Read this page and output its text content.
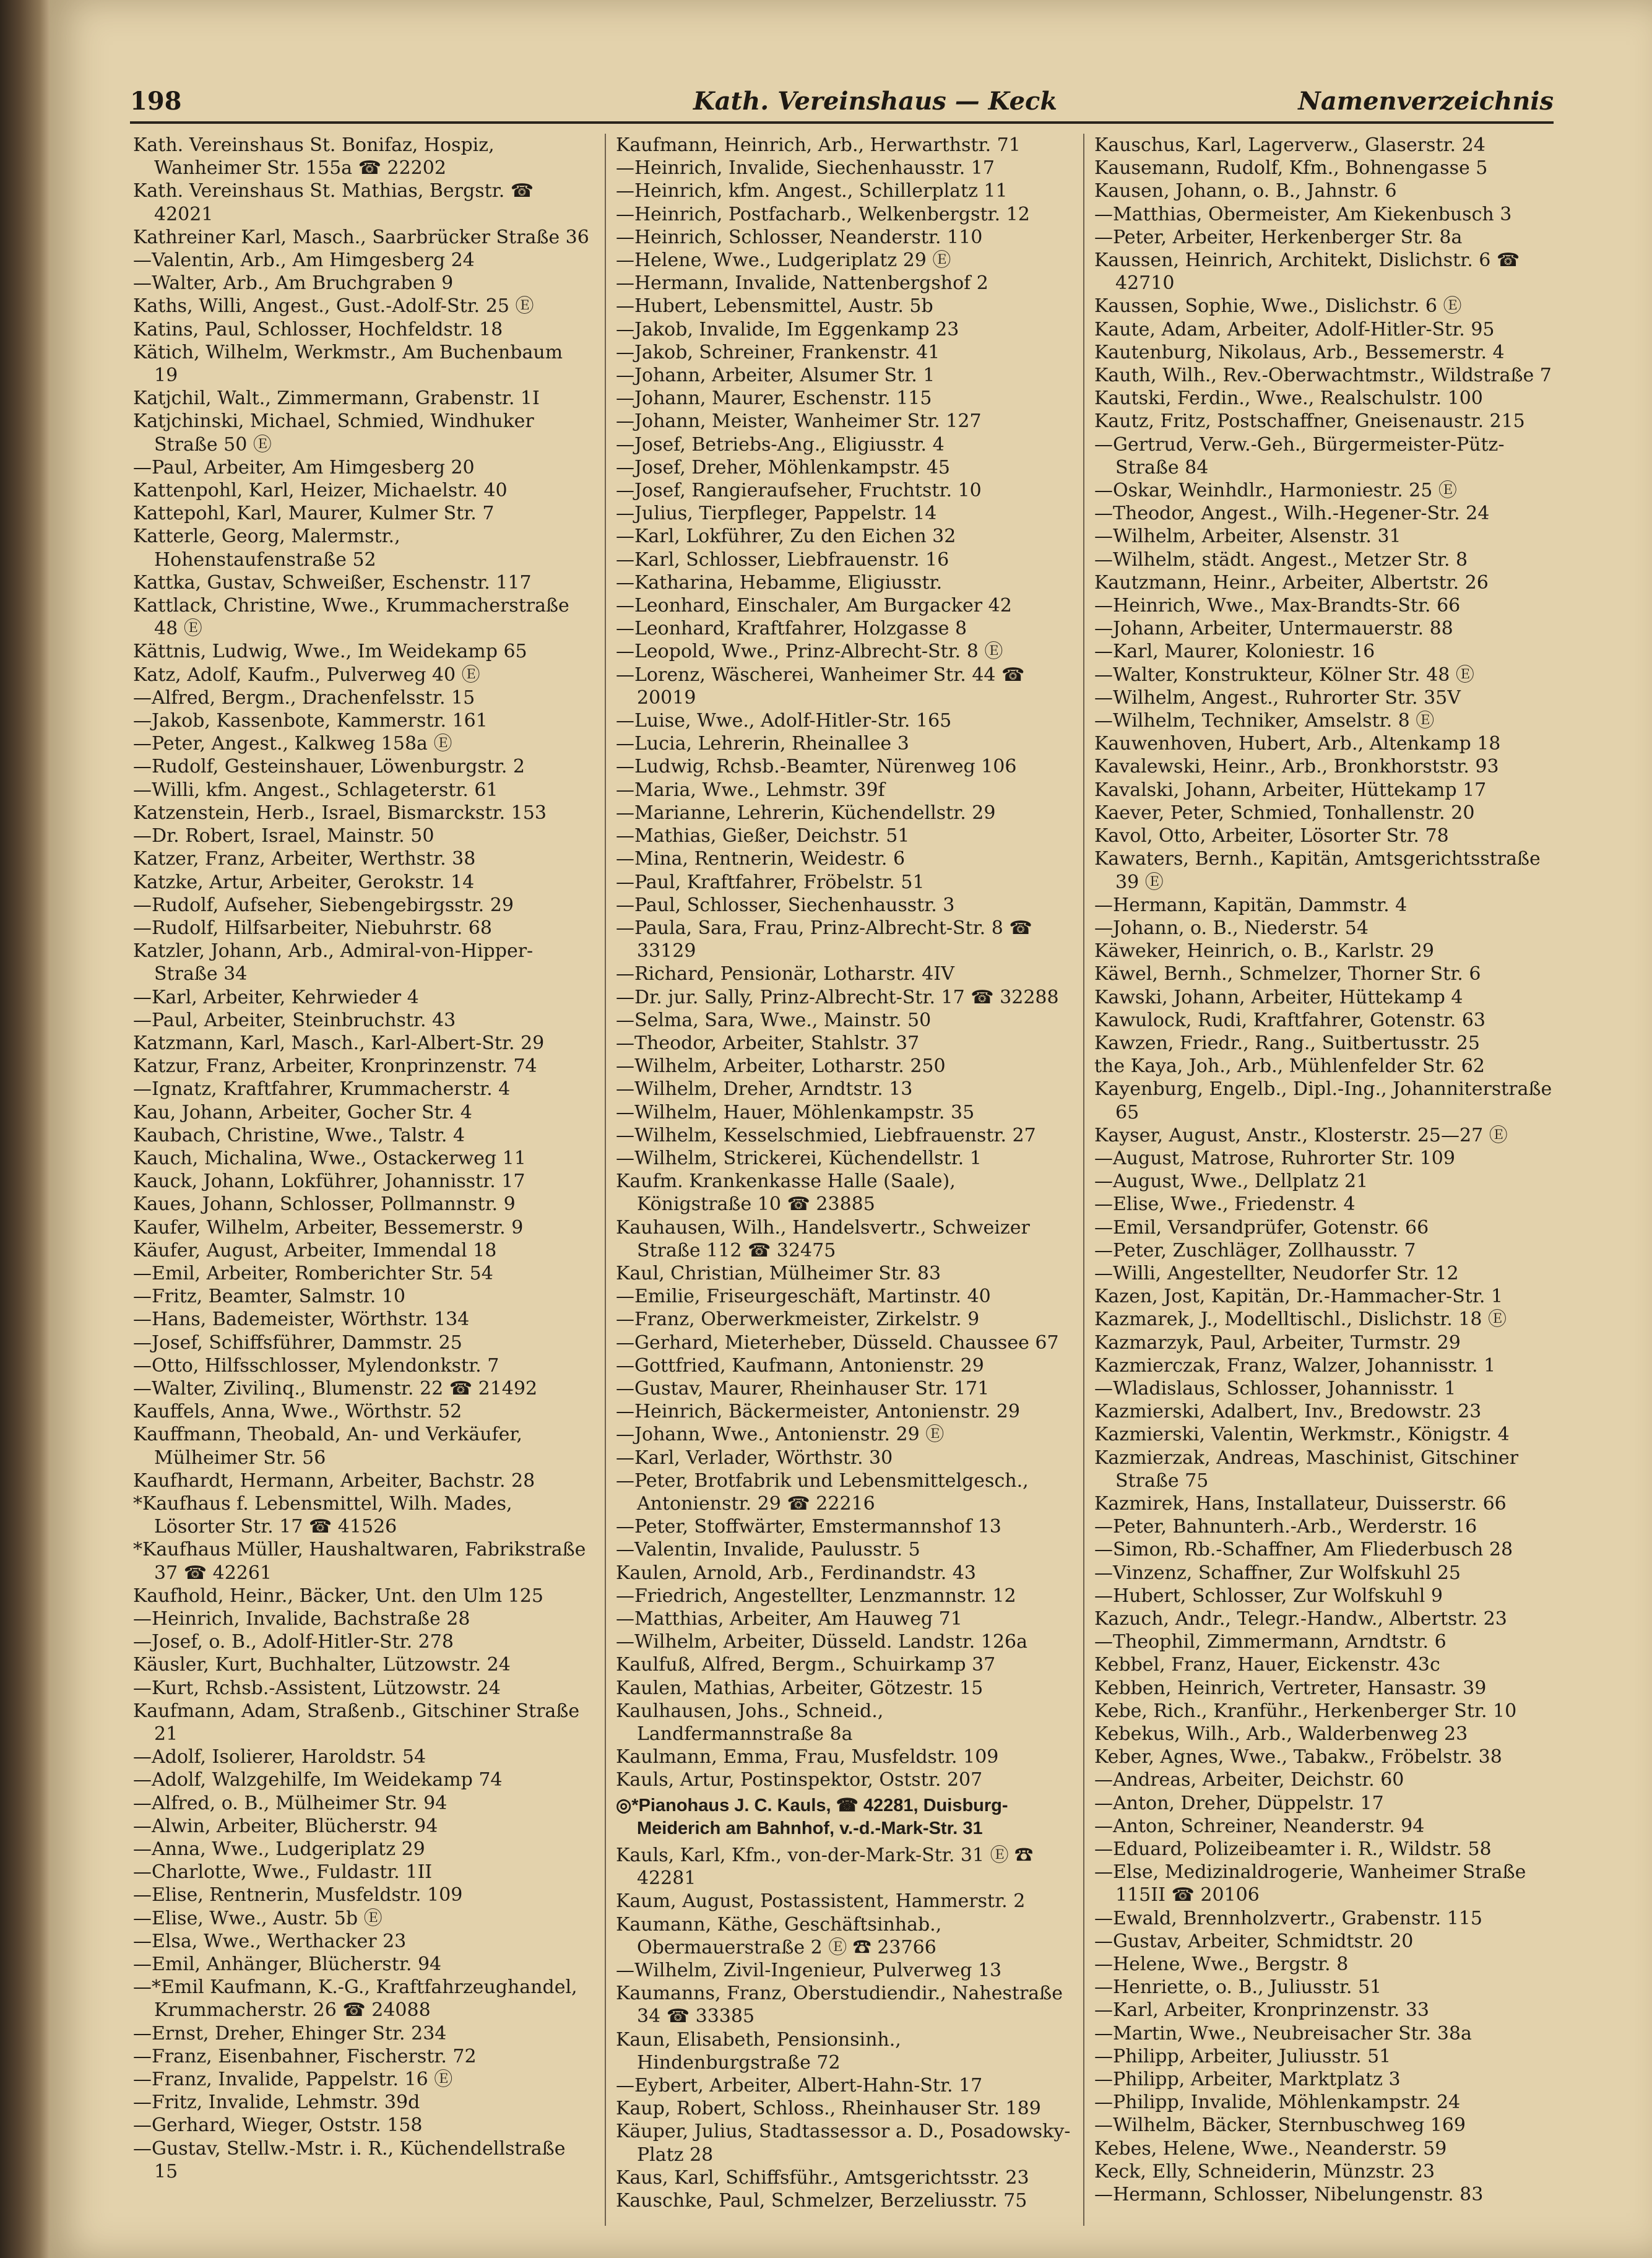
198	Kath. Vereinshaus — Keck	Namenverzeichnis

Kath. Vereinshaus St. Bonifaz, Hospiz, Wanheimer Str. 155a ☎ 22202

Kath. Vereinshaus St. Mathias, Bergstr. ☎ 42021

Kathreiner Karl, Masch., Saarbrücker Straße 36

—Valentin, Arb., Am Himgesberg 24

—Walter, Arb., Am Bruchgraben 9

Kaths, Willi, Angest., Gust.-Adolf-Str. 25 Ⓔ

Katins, Paul, Schlosser, Hochfeldstr. 18

Kätich, Wilhelm, Werkmstr., Am Buchenbaum 19

Katjchil, Walt., Zimmermann, Grabenstr. 1I

Katjchinski, Michael, Schmied, Windhuker Straße 50 Ⓔ

—Paul, Arbeiter, Am Himgesberg 20

Kattenpohl, Karl, Heizer, Michaelstr. 40

Kattepohl, Karl, Maurer, Kulmer Str. 7

Katterle, Georg, Malermstr., Hohenstaufenstraße 52

Kattka, Gustav, Schweißer, Eschenstr. 117

Kattlack, Christine, Wwe., Krummacherstraße 48 Ⓔ

Kättnis, Ludwig, Wwe., Im Weidekamp 65

Katz, Adolf, Kaufm., Pulverweg 40 Ⓔ

—Alfred, Bergm., Drachenfelsstr. 15

—Jakob, Kassenbote, Kammerstr. 161

—Peter, Angest., Kalkweg 158a Ⓔ

—Rudolf, Gesteinshauer, Löwenburgstr. 2

—Willi, kfm. Angest., Schlageterstr. 61

Katzenstein, Herb., Israel, Bismarckstr. 153

—Dr. Robert, Israel, Mainstr. 50

Katzer, Franz, Arbeiter, Werthstr. 38

Katzke, Artur, Arbeiter, Gerokstr. 14

—Rudolf, Aufseher, Siebengebirgsstr. 29

—Rudolf, Hilfsarbeiter, Niebuhrstr. 68

Katzler, Johann, Arb., Admiral-von-Hipper-Straße 34

—Karl, Arbeiter, Kehrwieder 4

—Paul, Arbeiter, Steinbruchstr. 43

Katzmann, Karl, Masch., Karl-Albert-Str. 29

Katzur, Franz, Arbeiter, Kronprinzenstr. 74

—Ignatz, Kraftfahrer, Krummacherstr. 4

Kau, Johann, Arbeiter, Gocher Str. 4

Kaubach, Christine, Wwe., Talstr. 4

Kauch, Michalina, Wwe., Ostackerweg 11

Kauck, Johann, Lokführer, Johannisstr. 17

Kaues, Johann, Schlosser, Pollmannstr. 9

Kaufer, Wilhelm, Arbeiter, Bessemerstr. 9

Käufer, August, Arbeiter, Immendal 18

—Emil, Arbeiter, Romberichter Str. 54

—Fritz, Beamter, Salmstr. 10

—Hans, Bademeister, Wörthstr. 134

—Josef, Schiffsführer, Dammstr. 25

—Otto, Hilfsschlosser, Mylendonkstr. 7

—Walter, Zivilinq., Blumenstr. 22 ☎ 21492

Kauffels, Anna, Wwe., Wörthstr. 52

Kauffmann, Theobald, An- und Verkäufer, Mülheimer Str. 56

Kaufhardt, Hermann, Arbeiter, Bachstr. 28

*Kaufhaus f. Lebensmittel, Wilh. Mades, Lösorter Str. 17 ☎ 41526

*Kaufhaus Müller, Haushaltwaren, Fabrikstraße 37 ☎ 42261

Kaufhold, Heinr., Bäcker, Unt. den Ulm 125

—Heinrich, Invalide, Bachstraße 28

—Josef, o. B., Adolf-Hitler-Str. 278

Käusler, Kurt, Buchhalter, Lützowstr. 24

—Kurt, Rchsb.-Assistent, Lützowstr. 24

Kaufmann, Adam, Straßenb., Gitschiner Straße 21

—Adolf, Isolierer, Haroldstr. 54

—Adolf, Walzgehilfe, Im Weidekamp 74

—Alfred, o. B., Mülheimer Str. 94

—Alwin, Arbeiter, Blücherstr. 94

—Anna, Wwe., Ludgeriplatz 29

—Charlotte, Wwe., Fuldastr. 1II

—Elise, Rentnerin, Musfeldstr. 109

—Elise, Wwe., Austr. 5b Ⓔ

—Elsa, Wwe., Werthacker 23

—Emil, Anhänger, Blücherstr. 94

—*Emil Kaufmann, K.-G., Kraftfahrzeughandel, Krummacherstr. 26 ☎ 24088

—Ernst, Dreher, Ehinger Str. 234

—Franz, Eisenbahner, Fischerstr. 72

—Franz, Invalide, Pappelstr. 16 Ⓔ

—Fritz, Invalide, Lehmstr. 39d

—Gerhard, Wieger, Oststr. 158

—Gustav, Stellw.-Mstr. i. R., Küchendellstraße 15

Kaufmann, Heinrich, Arb., Herwarthstr. 71

—Heinrich, Invalide, Siechenhausstr. 17

—Heinrich, kfm. Angest., Schillerplatz 11

—Heinrich, Postfacharb., Welkenbergstr. 12

—Heinrich, Schlosser, Neanderstr. 110

—Helene, Wwe., Ludgeriplatz 29 Ⓔ

—Hermann, Invalide, Nattenbergshof 2

—Hubert, Lebensmittel, Austr. 5b

—Jakob, Invalide, Im Eggenkamp 23

—Jakob, Schreiner, Frankenstr. 41

—Johann, Arbeiter, Alsumer Str. 1

—Johann, Maurer, Eschenstr. 115

—Johann, Meister, Wanheimer Str. 127

—Josef, Betriebs-Ang., Eligiusstr. 4

—Josef, Dreher, Möhlenkampstr. 45

—Josef, Rangieraufseher, Fruchtstr. 10

—Julius, Tierpfleger, Pappelstr. 14

—Karl, Lokführer, Zu den Eichen 32

—Karl, Schlosser, Liebfrauenstr. 16

—Katharina, Hebamme, Eligiusstr.

—Leonhard, Einschaler, Am Burgacker 42

—Leonhard, Kraftfahrer, Holzgasse 8

—Leopold, Wwe., Prinz-Albrecht-Str. 8 Ⓔ

—Lorenz, Wäscherei, Wanheimer Str. 44 ☎ 20019

—Luise, Wwe., Adolf-Hitler-Str. 165

—Lucia, Lehrerin, Rheinallee 3

—Ludwig, Rchsb.-Beamter, Nürenweg 106

—Maria, Wwe., Lehmstr. 39f

—Marianne, Lehrerin, Küchendellstr. 29

—Mathias, Gießer, Deichstr. 51

—Mina, Rentnerin, Weidestr. 6

—Paul, Kraftfahrer, Fröbelstr. 51

—Paul, Schlosser, Siechenhausstr. 3

—Paula, Sara, Frau, Prinz-Albrecht-Str. 8 ☎ 33129

—Richard, Pensionär, Lotharstr. 4IV

—Dr. jur. Sally, Prinz-Albrecht-Str. 17 ☎ 32288

—Selma, Sara, Wwe., Mainstr. 50

—Theodor, Arbeiter, Stahlstr. 37

—Wilhelm, Arbeiter, Lotharstr. 250

—Wilhelm, Dreher, Arndtstr. 13

—Wilhelm, Hauer, Möhlenkampstr. 35

—Wilhelm, Kesselschmied, Liebfrauenstr. 27

—Wilhelm, Strickerei, Küchendellstr. 1

Kaufm. Krankenkasse Halle (Saale), Königstraße 10 ☎ 23885

Kauhausen, Wilh., Handelsvertr., Schweizer Straße 112 ☎ 32475

Kaul, Christian, Mülheimer Str. 83

—Emilie, Friseurgeschäft, Martinstr. 40

—Franz, Oberwerkmeister, Zirkelstr. 9

—Gerhard, Mieterheber, Düsseld. Chaussee 67

—Gottfried, Kaufmann, Antonienstr. 29

—Gustav, Maurer, Rheinhauser Str. 171

—Heinrich, Bäckermeister, Antonienstr. 29

—Johann, Wwe., Antonienstr. 29 Ⓔ

—Karl, Verlader, Wörthstr. 30

—Peter, Brotfabrik und Lebensmittelgesch., Antonienstr. 29 ☎ 22216

—Peter, Stoffwärter, Emstermannshof 13

—Valentin, Invalide, Paulusstr. 5

Kaulen, Arnold, Arb., Ferdinandstr. 43

—Friedrich, Angestellter, Lenzmannstr. 12

—Matthias, Arbeiter, Am Hauweg 71

—Wilhelm, Arbeiter, Düsseld. Landstr. 126a

Kaulfuß, Alfred, Bergm., Schuirkamp 37

Kaulen, Mathias, Arbeiter, Götzestr. 15

Kaulhausen, Johs., Schneid., Landfermannstraße 8a

Kaulmann, Emma, Frau, Musfeldstr. 109

Kauls, Artur, Postinspektor, Oststr. 207

◎*Pianohaus J. C. Kauls, ☎ 42281, Duisburg-Meiderich am Bahnhof, v.-d.-Mark-Str. 31

Kauls, Karl, Kfm., von-der-Mark-Str. 31 Ⓔ ☎ 42281

Kaum, August, Postassistent, Hammerstr. 2

Kaumann, Käthe, Geschäftsinhab., Obermauerstraße 2 Ⓔ ☎ 23766

—Wilhelm, Zivil-Ingenieur, Pulverweg 13

Kaumanns, Franz, Oberstudiendir., Nahestraße 34 ☎ 33385

Kaun, Elisabeth, Pensionsinh., Hindenburgstraße 72

—Eybert, Arbeiter, Albert-Hahn-Str. 17

Kaup, Robert, Schloss., Rheinhauser Str. 189

Käuper, Julius, Stadtassessor a. D., Posadowsky-Platz 28

Kaus, Karl, Schiffsführ., Amtsgerichtsstr. 23

Kauschke, Paul, Schmelzer, Berzeliusstr. 75

Kauschus, Karl, Lagerverw., Glaserstr. 24

Kausemann, Rudolf, Kfm., Bohnengasse 5

Kausen, Johann, o. B., Jahnstr. 6

—Matthias, Obermeister, Am Kiekenbusch 3

—Peter, Arbeiter, Herkenberger Str. 8a

Kaussen, Heinrich, Architekt, Dislichstr. 6 ☎ 42710

Kaussen, Sophie, Wwe., Dislichstr. 6 Ⓔ

Kaute, Adam, Arbeiter, Adolf-Hitler-Str. 95

Kautenburg, Nikolaus, Arb., Bessemerstr. 4

Kauth, Wilh., Rev.-Oberwachtmstr., Wildstraße 7

Kautski, Ferdin., Wwe., Realschulstr. 100

Kautz, Fritz, Postschaffner, Gneisenaustr. 215

—Gertrud, Verw.-Geh., Bürgermeister-Pütz-Straße 84

—Oskar, Weinhdlr., Harmoniestr. 25 Ⓔ

—Theodor, Angest., Wilh.-Hegener-Str. 24

—Wilhelm, Arbeiter, Alsenstr. 31

—Wilhelm, städt. Angest., Metzer Str. 8

Kautzmann, Heinr., Arbeiter, Albertstr. 26

—Heinrich, Wwe., Max-Brandts-Str. 66

—Johann, Arbeiter, Untermauerstr. 88

—Karl, Maurer, Koloniestr. 16

—Walter, Konstrukteur, Kölner Str. 48 Ⓔ

—Wilhelm, Angest., Ruhrorter Str. 35V

—Wilhelm, Techniker, Amselstr. 8 Ⓔ

Kauwenhoven, Hubert, Arb., Altenkamp 18

Kavalewski, Heinr., Arb., Bronkhorststr. 93

Kavalski, Johann, Arbeiter, Hüttekamp 17

Kaever, Peter, Schmied, Tonhallenstr. 20

Kavol, Otto, Arbeiter, Lösorter Str. 78

Kawaters, Bernh., Kapitän, Amtsgerichtsstraße 39 Ⓔ

—Hermann, Kapitän, Dammstr. 4

—Johann, o. B., Niederstr. 54

Käweker, Heinrich, o. B., Karlstr. 29

Käwel, Bernh., Schmelzer, Thorner Str. 6

Kawski, Johann, Arbeiter, Hüttekamp 4

Kawulock, Rudi, Kraftfahrer, Gotenstr. 63

Kawzen, Friedr., Rang., Suitbertusstr. 25

the Kaya, Joh., Arb., Mühlenfelder Str. 62

Kayenburg, Engelb., Dipl.-Ing., Johanniterstraße 65

Kayser, August, Anstr., Klosterstr. 25—27 Ⓔ

—August, Matrose, Ruhrorter Str. 109

—August, Wwe., Dellplatz 21

—Elise, Wwe., Friedenstr. 4

—Emil, Versandprüfer, Gotenstr. 66

—Peter, Zuschläger, Zollhausstr. 7

—Willi, Angestellter, Neudorfer Str. 12

Kazen, Jost, Kapitän, Dr.-Hammacher-Str. 1

Kazmarek, J., Modelltischl., Dislichstr. 18 Ⓔ

Kazmarzyk, Paul, Arbeiter, Turmstr. 29

Kazmierczak, Franz, Walzer, Johannisstr. 1

—Wladislaus, Schlosser, Johannisstr. 1

Kazmierski, Adalbert, Inv., Bredowstr. 23

Kazmierski, Valentin, Werkmstr., Königstr. 4

Kazmierzak, Andreas, Maschinist, Gitschiner Straße 75

Kazmirek, Hans, Installateur, Duisserstr. 66

—Peter, Bahnunterh.-Arb., Werderstr. 16

—Simon, Rb.-Schaffner, Am Fliederbusch 28

—Vinzenz, Schaffner, Zur Wolfskuhl 25

—Hubert, Schlosser, Zur Wolfskuhl 9

Kazuch, Andr., Telegr.-Handw., Albertstr. 23

—Theophil, Zimmermann, Arndtstr. 6

Kebbel, Franz, Hauer, Eickenstr. 43c

Kebben, Heinrich, Vertreter, Hansastr. 39

Kebe, Rich., Kranführ., Herkenberger Str. 10

Kebekus, Wilh., Arb., Walderbenweg 23

Keber, Agnes, Wwe., Tabakw., Fröbelstr. 38

—Andreas, Arbeiter, Deichstr. 60

—Anton, Dreher, Düppelstr. 17

—Anton, Schreiner, Neanderstr. 94

—Eduard, Polizeibeamter i. R., Wildstr. 58

—Else, Medizinaldrogerie, Wanheimer Straße 115II ☎ 20106

—Ewald, Brennholzvertr., Grabenstr. 115

—Gustav, Arbeiter, Schmidtstr. 20

—Helene, Wwe., Bergstr. 8

—Henriette, o. B., Juliusstr. 51

—Karl, Arbeiter, Kronprinzenstr. 33

—Martin, Wwe., Neubreisacher Str. 38a

—Philipp, Arbeiter, Juliusstr. 51

—Philipp, Arbeiter, Marktplatz 3

—Philipp, Invalide, Möhlenkampstr. 24

—Wilhelm, Bäcker, Sternbuschweg 169

Kebes, Helene, Wwe., Neanderstr. 59

Keck, Elly, Schneiderin, Münzstr. 23

—Hermann, Schlosser, Nibelungenstr. 83
